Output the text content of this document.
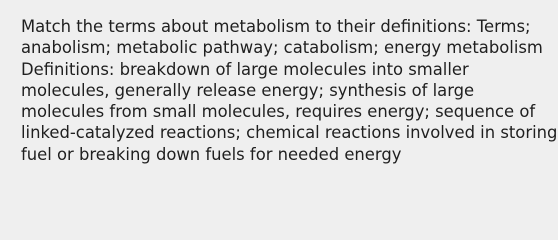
Match the terms about metabolism to their definitions: Terms;
anabolism; metabolic pathway; catabolism; energy metabolism
Definitions: breakdown of large molecules into smaller
molecules, generally release energy; synthesis of large
molecules from small molecules, requires energy; sequence of
linked-catalyzed reactions; chemical reactions involved in storing
fuel or breaking down fuels for needed energy
